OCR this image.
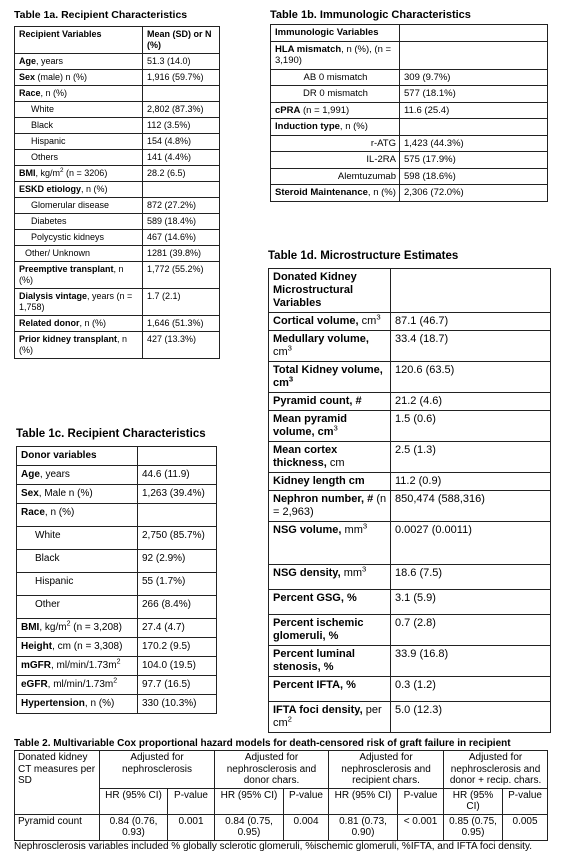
Table 1a. Recipient Characteristics
Recipient Variables	Mean (SD) or N (%)
Age, years	51.3 (14.0)
Sex (male) n (%)	1,916 (59.7%)
Race, n (%)	
White	2,802 (87.3%)
Black	112 (3.5%)
Hispanic	154 (4.8%)
Others	141 (4.4%)
BMI, $kg/m^2$ (n = 3206)	28.2 (6.5)
ESKD etiology, n (%)	
Glomerular disease	872 (27.2%)
Diabetes	589 (18.4%)
Polycystic kidneys	467 (14.6%)
Other/ Unknown	1281 (39.8%)
Preemptive transplant, n (%)	1,772 (55.2%)
Dialysis vintage, years (n = 1,758)	1.7 (2.1)
Related donor, n (%)	1,646 (51.3%)
Prior kidney transplant, n (%)	427 (13.3%)
Table 1b. Immunologic Characteristics
Immunologic Variables	
HLA mismatch, n (%), (n = 3,190)	
AB 0 mismatch	309 (9.7%)
DR 0 mismatch	577 (18.1%)
cPRA (n = 1,991)	11.6 (25.4)
Induction type, n (%)	
r-ATG	1,423 (44.3%)
IL-2RA	575 (17.9%)
Alemtuzumab	598 (18.6%)
Steroid Maintenance, n (%)	2,306 (72.0%)
Table 1d. Microstructure Estimates
Donated Kidney Microstructural Variables	
Cortical volume, $cm^3$	87.1 (46.7)
Medullary volume, $cm^3$	33.4 (18.7)
Total Kidney volume, $cm^3$	120.6 (63.5)
Pyramid count, #	21.2 (4.6)
Mean pyramid volume, $cm^3$	1.5 (0.6)
Mean cortex thickness, cm	2.5 (1.3)
Kidney length cm	11.2 (0.9)
Nephron number, # (n = 2,963)	850,474 (588,316)
NSG volume, $mm^3$	0.0027 (0.0011)
NSG density, $mm^3$	18.6 (7.5)
Percent GSG, %	3.1 (5.9)
Percent ischemic glomeruli, %	0.7 (2.8)
Percent luminal stenosis, %	33.9 (16.8)
Percent IFTA, %	0.3 (1.2)
IFTA foci density, per $cm^2$	5.0 (12.3)
Table 1c. Recipient Characteristics
Donor variables	
Age, years	44.6 (11.9)
Sex, Male n (%)	1,263 (39.4%)
Race, n (%)	
White	2,750 (85.7%)
Black	92 (2.9%)
Hispanic	55 (1.7%)
Other	266 (8.4%)
BMI, $kg/m^2$ (n = 3,208)	27.4 (4.7)
Height, cm (n = 3,308)	170.2 (9.5)
mGFR, $ml/\min/1.73m^2$	104.0 (19.5)
eGFR, $ml/\min/1.73m^2$	97.7 (16.5)
Hypertension, n (%)	330 (10.3%)
Table 2. Multivariable Cox proportional hazard models for death-censored risk of graft failure in recipient
Donated kidney CT measures per SD	Adjusted for nephrosclerosis		Adjusted for nephrosclerosis and donor chars.		Adjusted for nephrosclerosis and recipient chars.		Adjusted for nephrosclerosis and donor + recip. chars.	
	HR (95% CI)	P-value	HR (95% CI)	P-value	HR (95% CI)	P-value	HR (95% CI)	P-value
Pyramid count	0.84 (0.76, 0.93)	0.001	0.84 (0.75, 0.95)	0.004	0.81 (0.73, 0.90)	< 0.001	0.85 (0.75, 0.95)	0.005
Nephrosclerosis variables included % globally sclerotic glomeruli, %ischemic glomeruli, %IFTA, and IFTA foci density.
